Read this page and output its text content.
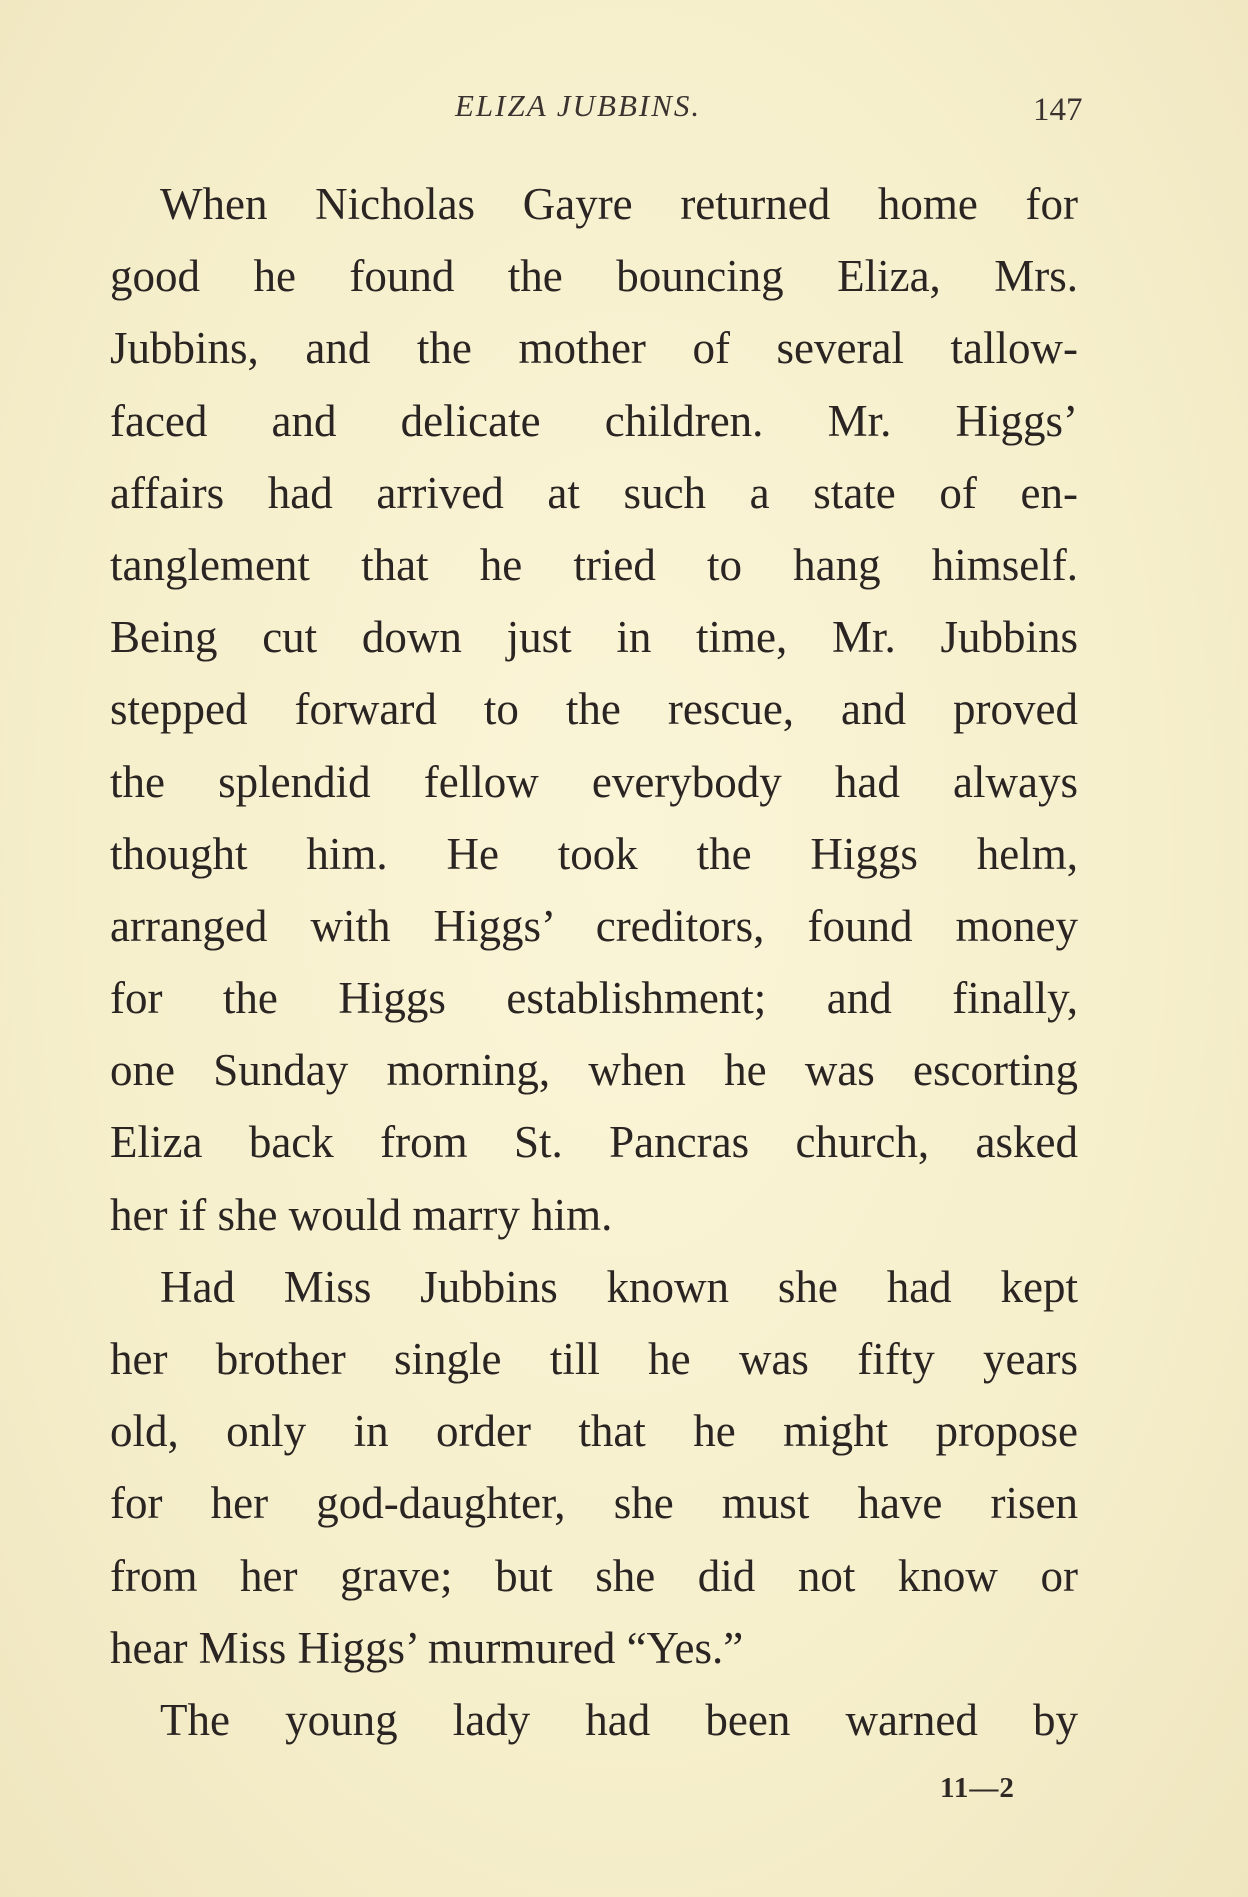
ELIZA JUBBINS.	147
When Nicholas Gayre returned home for
good he found the bouncing Eliza, Mrs.
Jubbins, and the mother of several tallow-
faced and delicate children. Mr. Higgs’
affairs had arrived at such a state of en-
tanglement that he tried to hang himself.
Being cut down just in time, Mr. Jubbins
stepped forward to the rescue, and proved
the splendid fellow everybody had always
thought him. He took the Higgs helm,
arranged with Higgs’ creditors, found money
for the Higgs establishment; and finally,
one Sunday morning, when he was escorting
Eliza back from St. Pancras church, asked
her if she would marry him.
Had Miss Jubbins known she had kept
her brother single till he was fifty years
old, only in order that he might propose
for her god-daughter, she must have risen
from her grave; but she did not know or
hear Miss Higgs’ murmured “Yes.”
The young lady had been warned by
11—2
